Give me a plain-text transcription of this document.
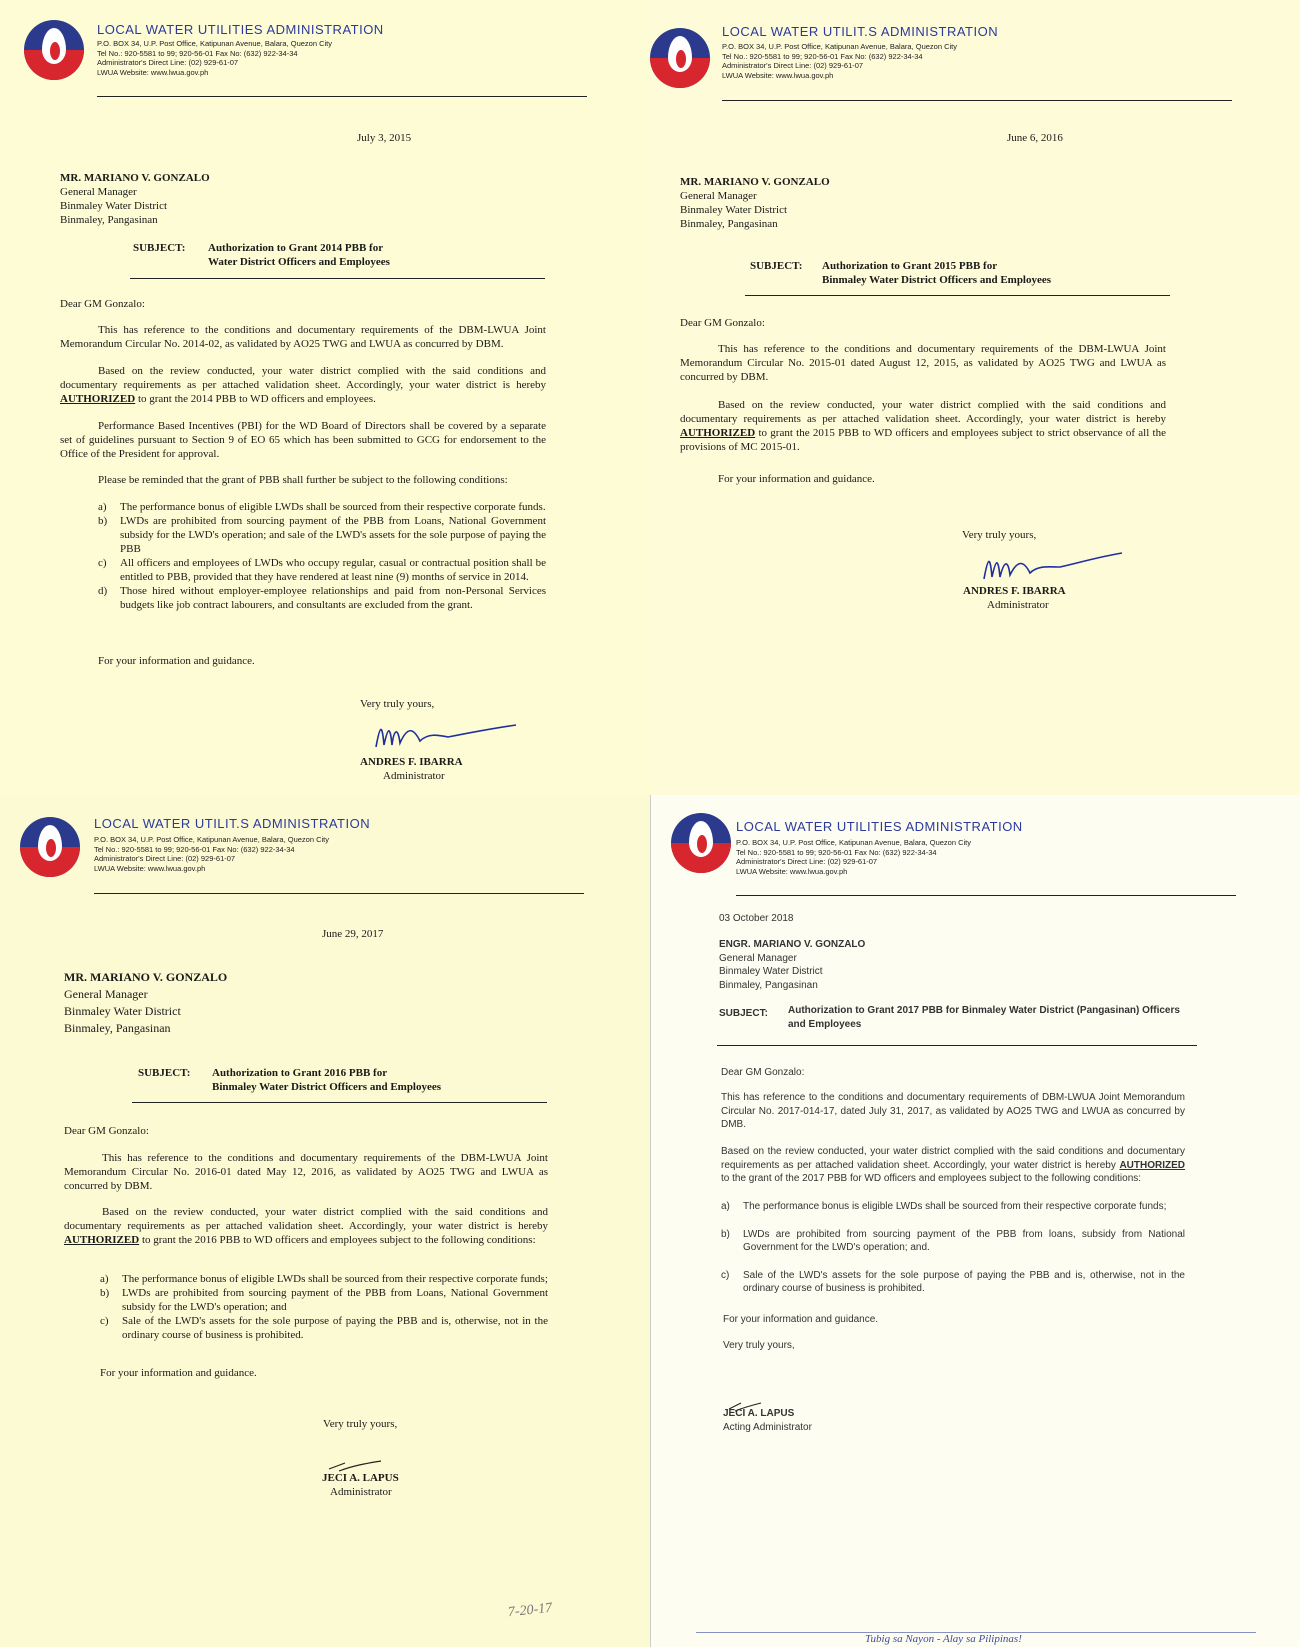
LOCAL WATER UTILITIES ADMINISTRATION
P.O. BOX 34, U.P. Post Office, Katipunan Avenue, Balara, Quezon City
Tel No.: 920-5581 to 99; 920-56-01 Fax No: (632) 922-34-34
Administrator's Direct Line: (02) 929-61-07
LWUA Website: www.lwua.gov.ph
July 3, 2015
MR. MARIANO V. GONZALO
General Manager
Binmaley Water District
Binmaley, Pangasinan
SUBJECT: Authorization to Grant 2014 PBB for
Water District Officers and Employees
Dear GM Gonzalo:
This has reference to the conditions and documentary requirements of the DBM-LWUA Joint Memorandum Circular No. 2014-02, as validated by AO25 TWG and LWUA as concurred by DBM.
Based on the review conducted, your water district complied with the said conditions and documentary requirements as per attached validation sheet. Accordingly, your water district is hereby AUTHORIZED to grant the 2014 PBB to WD officers and employees.
Performance Based Incentives (PBI) for the WD Board of Directors shall be covered by a separate set of guidelines pursuant to Section 9 of EO 65 which has been submitted to GCG for endorsement to the Office of the President for approval.
Please be reminded that the grant of PBB shall further be subject to the following conditions:
a)	The performance bonus of eligible LWDs shall be sourced from their respective corporate funds.
b)	LWDs are prohibited from sourcing payment of the PBB from Loans, National Government subsidy for the LWD's operation; and sale of the LWD's assets for the sole purpose of paying the PBB
c)	All officers and employees of LWDs who occupy regular, casual or contractual position shall be entitled to PBB, provided that they have rendered at least nine (9) months of service in 2014.
d)	Those hired without employer-employee relationships and paid from non-Personal Services budgets like job contract labourers, and consultants are excluded from the grant.
For your information and guidance.
Very truly yours,
ANDRES F. IBARRA
Administrator
LOCAL WATER UTILIT.S ADMINISTRATION
P.O. BOX 34, U.P. Post Office, Katipunan Avenue, Balara, Quezon City
Tel No.: 920-5581 to 99; 920-56-01 Fax No: (632) 922-34-34
Administrator's Direct Line: (02) 929-61-07
LWUA Website: www.lwua.gov.ph
June 6, 2016
MR. MARIANO V. GONZALO
General Manager
Binmaley Water District
Binmaley, Pangasinan
SUBJECT: Authorization to Grant 2015 PBB for
Binmaley Water District Officers and Employees
Dear GM Gonzalo:
This has reference to the conditions and documentary requirements of the DBM-LWUA Joint Memorandum Circular No. 2015-01 dated August 12, 2015, as validated by AO25 TWG and LWUA as concurred by DBM.
Based on the review conducted, your water district complied with the said conditions and documentary requirements as per attached validation sheet. Accordingly, your water district is hereby AUTHORIZED to grant the 2015 PBB to WD officers and employees subject to strict observance of all the provisions of MC 2015-01.
For your information and guidance.
Very truly yours,
ANDRES F. IBARRA
Administrator
LOCAL WATER UTILIT.S ADMINISTRATION
P.O. BOX 34, U.P. Post Office, Katipunan Avenue, Balara, Quezon City
Tel No.: 920-5581 to 99; 920-56-01 Fax No: (632) 922-34-34
Administrator's Direct Line: (02) 929-61-07
LWUA Website: www.lwua.gov.ph
June 29, 2017
MR. MARIANO V. GONZALO
General Manager
Binmaley Water District
Binmaley, Pangasinan
SUBJECT: Authorization to Grant 2016 PBB for
Binmaley Water District Officers and Employees
Dear GM Gonzalo:
This has reference to the conditions and documentary requirements of the DBM-LWUA Joint Memorandum Circular No. 2016-01 dated May 12, 2016, as validated by AO25 TWG and LWUA as concurred by DBM.
Based on the review conducted, your water district complied with the said conditions and documentary requirements as per attached validation sheet. Accordingly, your water district is hereby AUTHORIZED to grant the 2016 PBB to WD officers and employees subject to the following conditions:
a)	The performance bonus of eligible LWDs shall be sourced from their respective corporate funds;
b)	LWDs are prohibited from sourcing payment of the PBB from Loans, National Government subsidy for the LWD's operation; and
c)	Sale of the LWD's assets for the sole purpose of paying the PBB and is, otherwise, not in the ordinary course of business is prohibited.
For your information and guidance.
Very truly yours,
JECI A. LAPUS
Administrator
7-20-17
LOCAL WATER UTILITIES ADMINISTRATION
P.O. BOX 34, U.P. Post Office, Katipunan Avenue, Balara, Quezon City
Tel No.: 920-5581 to 99; 920-56-01 Fax No: (632) 922-34-34
Administrator's Direct Line: (02) 929-61-07
LWUA Website: www.lwua.gov.ph
03 October 2018
ENGR. MARIANO V. GONZALO
General Manager
Binmaley Water District
Binmaley, Pangasinan
SUBJECT: Authorization to Grant 2017 PBB for Binmaley Water District (Pangasinan) Officers
and Employees
Dear GM Gonzalo:
This has reference to the conditions and documentary requirements of DBM-LWUA Joint Memorandum Circular No. 2017-014-17, dated July 31, 2017, as validated by AO25 TWG and LWUA as concurred by DMB.
Based on the review conducted, your water district complied with the said conditions and documentary requirements as per attached validation sheet. Accordingly, your water district is hereby AUTHORIZED to the grant of the 2017 PBB for WD officers and employees subject to the following conditions:
a)	The performance bonus is eligible LWDs shall be sourced from their respective corporate funds;
b)	LWDs are prohibited from sourcing payment of the PBB from loans, subsidy from National Government for the LWD's operation; and.
c)	Sale of the LWD's assets for the sole purpose of paying the PBB and is, otherwise, not in the ordinary course of business is prohibited.
For your information and guidance.
Very truly yours,
JECI A. LAPUS
Acting Administrator
Tubig sa Nayon - Alay sa Pilipinas!
